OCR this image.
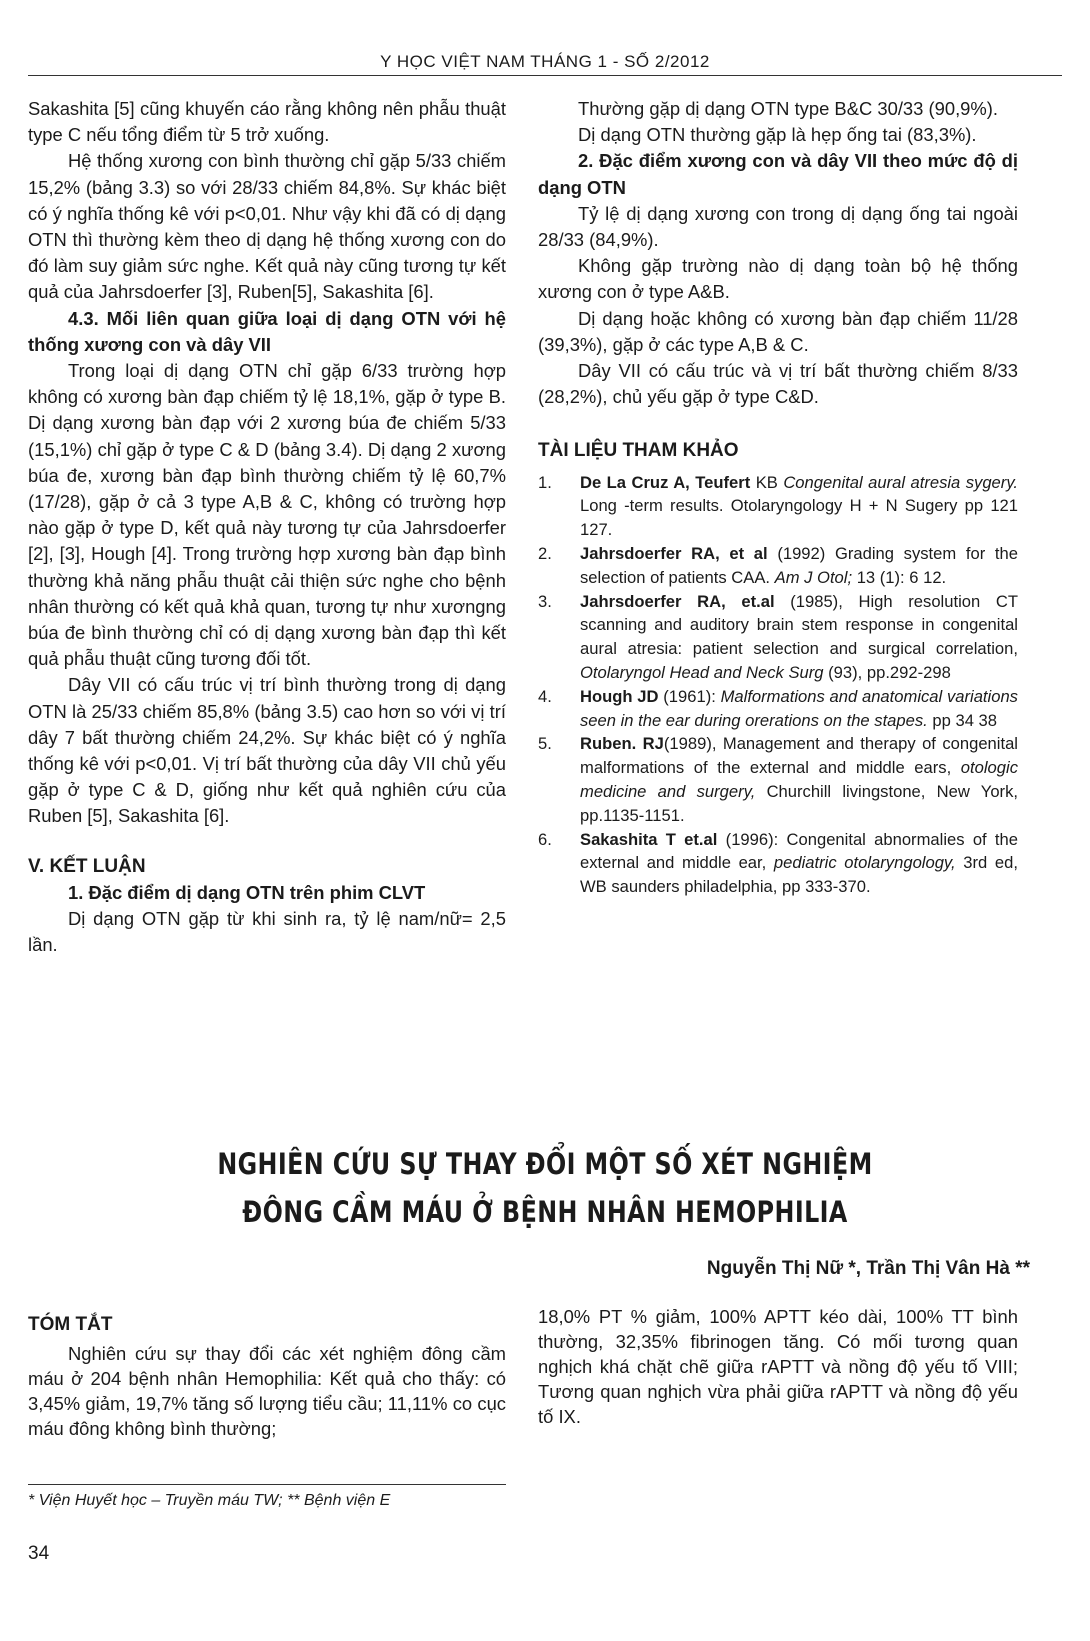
Y HỌC VIỆT NAM THÁNG 1 - SỐ 2/2012

Sakashita [5] cũng khuyến cáo rằng không nên phẫu thuật type C nếu tổng điểm từ 5 trở xuống.

Hệ thống xương con bình thường chỉ gặp 5/33 chiếm 15,2% (bảng 3.3) so với 28/33 chiếm 84,8%. Sự khác biệt có ý nghĩa thống kê với p<0,01. Như vậy khi đã có dị dạng OTN thì thường kèm theo dị dạng hệ thống xương con do đó làm suy giảm sức nghe. Kết quả này cũng tương tự kết quả của Jahrsdoerfer [3], Ruben[5], Sakashita [6].

4.3. Mối liên quan giữa loại dị dạng OTN với hệ thống xương con và dây VII

Trong loại dị dạng OTN chỉ gặp 6/33 trường hợp không có xương bàn đạp chiếm tỷ lệ 18,1%, gặp ở type B. Dị dạng xương bàn đạp với 2 xương búa đe chiếm 5/33 (15,1%) chỉ gặp ở type C & D (bảng 3.4). Dị dạng 2 xương búa đe, xương bàn đạp bình thường chiếm tỷ lệ 60,7% (17/28), gặp ở cả 3 type A,B & C, không có trường hợp nào gặp ở type D, kết quả này tương tự của Jahrsdoerfer [2], [3], Hough [4]. Trong trường hợp xương bàn đạp bình thường khả năng phẫu thuật cải thiện sức nghe cho bệnh nhân thường có kết quả khả quan, tương tự như xươngng búa đe bình thường chỉ có dị dạng xương bàn đạp thì kết quả phẫu thuật cũng tương đối tốt.

Dây VII có cấu trúc vị trí bình thường trong dị dạng OTN là 25/33 chiếm 85,8% (bảng 3.5) cao hơn so với vị trí dây 7 bất thường chiếm 24,2%. Sự khác biệt có ý nghĩa thống kê với p<0,01. Vị trí bất thường của dây VII chủ yếu gặp ở type C & D, giống như kết quả nghiên cứu của Ruben [5], Sakashita [6].

V. KẾT LUẬN

1. Đặc điểm dị dạng OTN trên phim CLVT

Dị dạng OTN gặp từ khi sinh ra, tỷ lệ nam/nữ= 2,5 lần.

Thường gặp dị dạng OTN type B&C 30/33 (90,9%).

Dị dạng OTN thường gặp là hẹp ống tai (83,3%).

2. Đặc điểm xương con và dây VII theo mức độ dị dạng OTN

Tỷ lệ dị dạng xương con trong dị dạng ống tai ngoài 28/33 (84,9%).

Không gặp trường nào dị dạng toàn bộ hệ thống xương con ở type A&B.

Dị dạng hoặc không có xương bàn đạp chiếm 11/28 (39,3%), gặp ở các type A,B & C.

Dây VII có cấu trúc và vị trí bất thường chiếm 8/33 (28,2%), chủ yếu gặp ở type C&D.

TÀI LIỆU THAM KHẢO

1. De La Cruz A, Teufert KB Congenital aural atresia sygery. Long -term results. Otolaryngology H + N Sugery pp 121 127.
2. Jahrsdoerfer RA, et al (1992) Grading system for the selection of patients CAA. Am J Otol; 13 (1): 6 12.
3. Jahrsdoerfer RA, et.al (1985), High resolution CT scanning and auditory brain stem response in congenital aural atresia: patient selection and surgical correlation, Otolaryngol Head and Neck Surg (93), pp.292-298
4. Hough JD (1961): Malformations and anatomical variations seen in the ear during orerations on the stapes. pp 34 38
5. Ruben. RJ(1989), Management and therapy of congenital malformations of the external and middle ears, otologic medicine and surgery, Churchill livingstone, New York, pp.1135-1151.
6. Sakashita T et.al (1996): Congenital abnormalies of the external and middle ear, pediatric otolaryngology, 3rd ed, WB saunders philadelphia, pp 333-370.
NGHIÊN CỨU SỰ THAY ĐỔI MỘT SỐ XÉT NGHIỆM
ĐÔNG CẦM MÁU Ở BỆNH NHÂN HEMOPHILIA
Nguyễn Thị Nữ *, Trần Thị Vân Hà **

TÓM TẮT

Nghiên cứu sự thay đổi các xét nghiệm đông cầm máu ở 204 bệnh nhân Hemophilia: Kết quả cho thấy: có 3,45% giảm, 19,7% tăng số lượng tiểu cầu; 11,11% co cục máu đông không bình thường;

18,0% PT % giảm, 100% APTT kéo dài, 100% TT bình thường, 32,35% fibrinogen tăng. Có mối tương quan nghịch khá chặt chẽ giữa rAPTT và nồng độ yếu tố VIII; Tương quan nghịch vừa phải giữa rAPTT và nồng độ yếu tố IX.

* Viện Huyết học – Truyền máu TW; ** Bệnh viện E
34
